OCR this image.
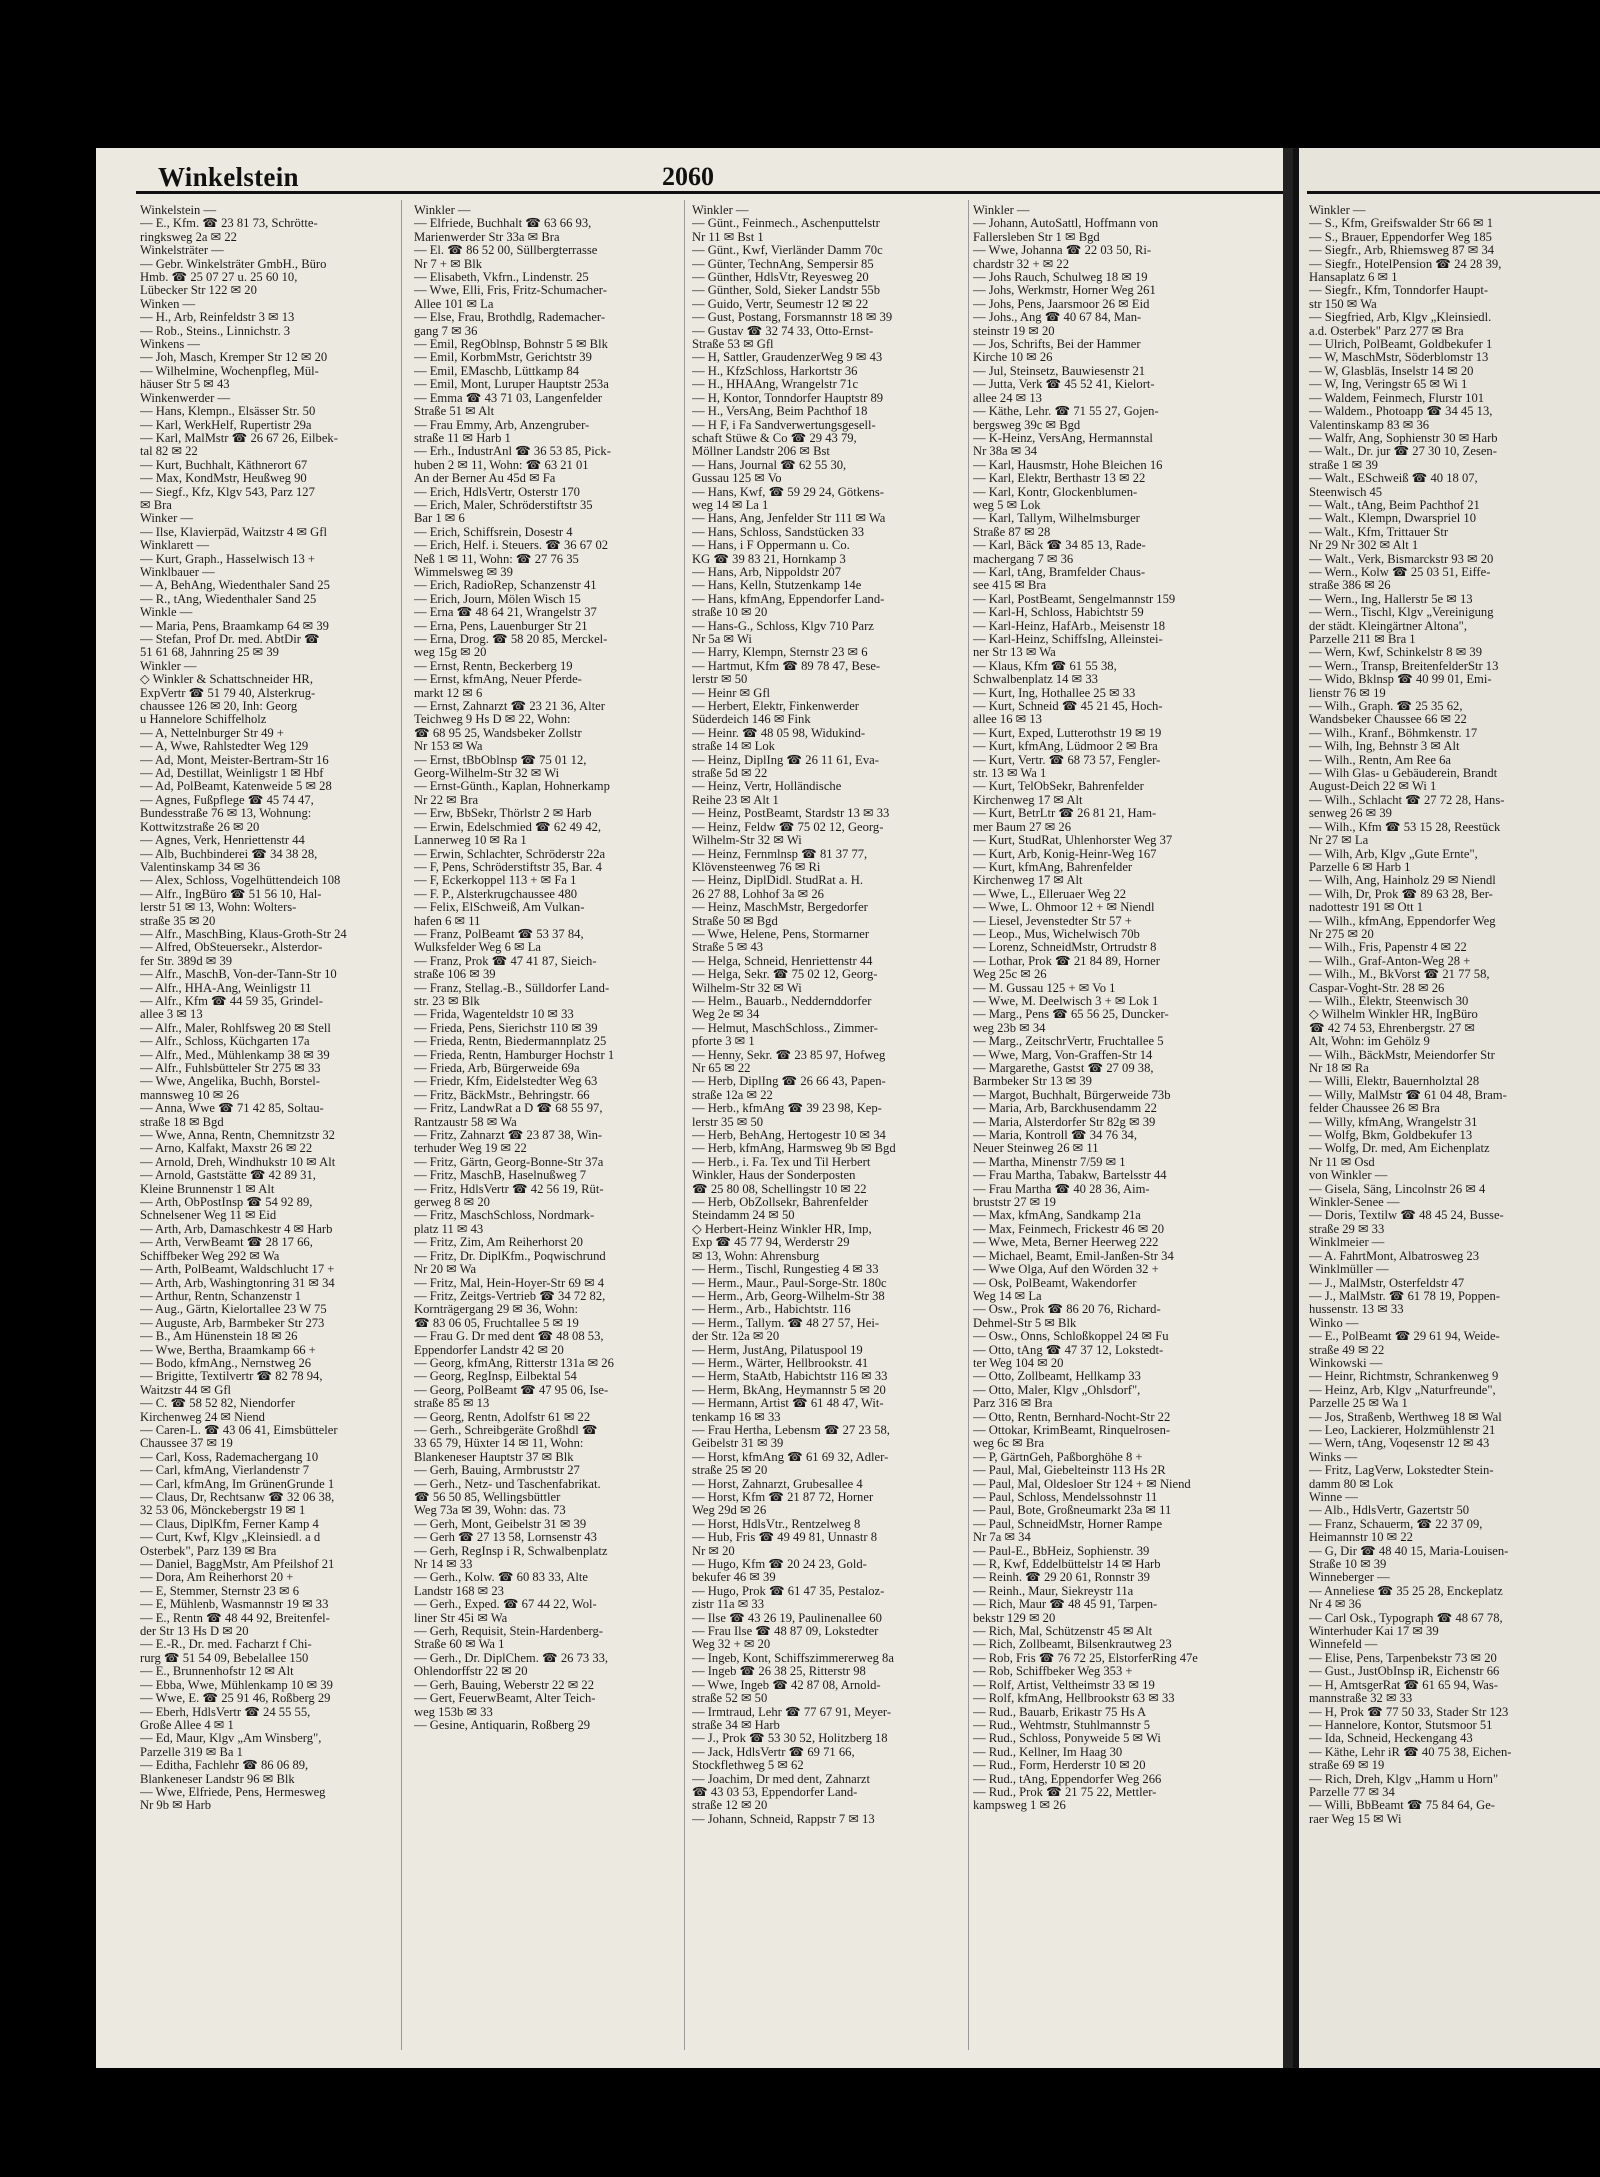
Winkelstein	2060

Winkelstein —

— E., Kfm. ☎ 23 81 73, Schrötte-

ringksweg 2a ✉ 22

Winkelsträter —

— Gebr. Winkelsträter GmbH., Büro

Hmb. ☎ 25 07 27 u. 25 60 10,

Lübecker Str 122 ✉ 20

Winken —

— H., Arb, Reinfeldstr 3 ✉ 13

— Rob., Steins., Linnichstr. 3

Winkens —

— Joh, Masch, Kremper Str 12 ✉ 20

— Wilhelmine, Wochenpfleg, Mül-

häuser Str 5 ✉ 43

Winkenwerder —

— Hans, Klempn., Elsässer Str. 50

— Karl, WerkHelf, Rupertistr 29a

— Karl, MalMstr ☎ 26 67 26, Eilbek-

tal 82 ✉ 22

— Kurt, Buchhalt, Käthnerort 67

— Max, KondMstr, Heußweg 90

— Siegf., Kfz, Klgv 543, Parz 127

✉ Bra

Winker —

— Ilse, Klavierpäd, Waitzstr 4 ✉ Gfl

Winklarett —

— Kurt, Graph., Hasselwisch 13 +

Winklbauer —

— A, BehAng, Wiedenthaler Sand 25

— R., tAng, Wiedenthaler Sand 25

Winkle —

— Maria, Pens, Braamkamp 64 ✉ 39

— Stefan, Prof Dr. med. AbtDir ☎

51 61 68, Jahnring 25 ✉ 39

Winkler —

◇ Winkler & Schattschneider HR,

ExpVertr ☎ 51 79 40, Alsterkrug-

chaussee 126 ✉ 20, Inh: Georg

u Hannelore Schiffelholz

— A, Nettelnburger Str 49 +

— A, Wwe, Rahlstedter Weg 129

— Ad, Mont, Meister-Bertram-Str 16

— Ad, Destillat, Weinligstr 1 ✉ Hbf

— Ad, PolBeamt, Katenweide 5 ✉ 28

— Agnes, Fußpflege ☎ 45 74 47,

Bundesstraße 76 ✉ 13, Wohnung:

Kottwitzstraße 26 ✉ 20

— Agnes, Verk, Henriettenstr 44

— Alb, Buchbinderei ☎ 34 38 28,

Valentinskamp 34 ✉ 36

— Alex, Schloss, Vogelhüttendeich 108

— Alfr., IngBüro ☎ 51 56 10, Hal-

lerstr 51 ✉ 13, Wohn: Wolters-

straße 35 ✉ 20

— Alfr., MaschBing, Klaus-Groth-Str 24

— Alfred, ObSteuersekr., Alsterdor-

fer Str. 389d ✉ 39

— Alfr., MaschB, Von-der-Tann-Str 10

— Alfr., HHA-Ang, Weinligstr 11

— Alfr., Kfm ☎ 44 59 35, Grindel-

allee 3 ✉ 13

— Alfr., Maler, Rohlfsweg 20 ✉ Stell

— Alfr., Schloss, Küchgarten 17a

— Alfr., Med., Mühlenkamp 38 ✉ 39

— Alfr., Fuhlsbütteler Str 275 ✉ 33

— Wwe, Angelika, Buchh, Borstel-

mannsweg 10 ✉ 26

— Anna, Wwe ☎ 71 42 85, Soltau-

straße 18 ✉ Bgd

— Wwe, Anna, Rentn, Chemnitzstr 32

— Arno, Kalfakt, Maxstr 26 ✉ 22

— Arnold, Dreh, Windhukstr 10 ✉ Alt

— Arnold, Gaststätte ☎ 42 89 31,

Kleine Brunnenstr 1 ✉ Alt

— Arth, ObPostInsp ☎ 54 92 89,

Schnelsener Weg 11 ✉ Eid

— Arth, Arb, Damaschkestr 4 ✉ Harb

— Arth, VerwBeamt ☎ 28 17 66,

Schiffbeker Weg 292 ✉ Wa

— Arth, PolBeamt, Waldschlucht 17 +

— Arth, Arb, Washingtonring 31 ✉ 34

— Arthur, Rentn, Schanzenstr 1

— Aug., Gärtn, Kielortallee 23 W 75

— Auguste, Arb, Barmbeker Str 273

— B., Am Hünenstein 18 ✉ 26

— Wwe, Bertha, Braamkamp 66 +

— Bodo, kfmAng., Nernstweg 26

— Brigitte, Textilvertr ☎ 82 78 94,

Waitzstr 44 ✉ Gfl

— C. ☎ 58 52 82, Niendorfer

Kirchenweg 24 ✉ Niend

— Caren-L. ☎ 43 06 41, Eimsbütteler

Chaussee 37 ✉ 19

— Carl, Koss, Rademachergang 10

— Carl, kfmAng, Vierlandenstr 7

— Carl, kfmAng, Im GrünenGrunde 1

— Claus, Dr, Rechtsanw ☎ 32 06 38,

32 53 06, Mönckebergstr 19 ✉ 1

— Claus, DiplKfm, Ferner Kamp 4

— Curt, Kwf, Klgv „Kleinsiedl. a d

Osterbek", Parz 139 ✉ Bra

— Daniel, BaggMstr, Am Pfeilshof 21

— Dora, Am Reiherhorst 20 +

— E, Stemmer, Sternstr 23 ✉ 6

— E, Mühlenb, Wasmannstr 19 ✉ 33

— E., Rentn ☎ 48 44 92, Breitenfel-

der Str 13 Hs D ✉ 20

— E.-R., Dr. med. Facharzt f Chi-

rurg ☎ 51 54 09, Bebelallee 150

— E., Brunnenhofstr 12 ✉ Alt

— Ebba, Wwe, Mühlenkamp 10 ✉ 39

— Wwe, E. ☎ 25 91 46, Roßberg 29

— Eberh, HdlsVertr ☎ 24 55 55,

Große Allee 4 ✉ 1

— Ed, Maur, Klgv „Am Winsberg",

Parzelle 319 ✉ Ba 1

— Editha, Fachlehr ☎ 86 06 89,

Blankeneser Landstr 96 ✉ Blk

— Wwe, Elfriede, Pens, Hermesweg

Nr 9b ✉ Harb

Winkler —

— Elfriede, Buchhalt ☎ 63 66 93,

Marienwerder Str 33a ✉ Bra

— El. ☎ 86 52 00, Süllbergterrasse

Nr 7 + ✉ Blk

— Elisabeth, Vkfrn., Lindenstr. 25

— Wwe, Elli, Fris, Fritz-Schumacher-

Allee 101 ✉ La

— Else, Frau, Brothdlg, Rademacher-

gang 7 ✉ 36

— Emil, RegOblnsp, Bohnstr 5 ✉ Blk

— Emil, KorbmMstr, Gerichtstr 39

— Emil, EMaschb, Lüttkamp 84

— Emil, Mont, Luruper Hauptstr 253a

— Emma ☎ 43 71 03, Langenfelder

Straße 51 ✉ Alt

— Frau Emmy, Arb, Anzengruber-

straße 11 ✉ Harb 1

— Erh., IndustrAnl ☎ 36 53 85, Pick-

huben 2 ✉ 11, Wohn: ☎ 63 21 01

An der Berner Au 45d ✉ Fa

— Erich, HdlsVertr, Osterstr 170

— Erich, Maler, Schröderstiftstr 35

Bar 1 ✉ 6

— Erich, Schiffsrein, Dosestr 4

— Erich, Helf. i. Steuers. ☎ 36 67 02

Neß 1 ✉ 11, Wohn: ☎ 27 76 35

Wimmelsweg ✉ 39

— Erich, RadioRep, Schanzenstr 41

— Erich, Journ, Mölen Wisch 15

— Erna ☎ 48 64 21, Wrangelstr 37

— Erna, Pens, Lauenburger Str 21

— Erna, Drog. ☎ 58 20 85, Merckel-

weg 15g ✉ 20

— Ernst, Rentn, Beckerberg 19

— Ernst, kfmAng, Neuer Pferde-

markt 12 ✉ 6

— Ernst, Zahnarzt ☎ 23 21 36, Alter

Teichweg 9 Hs D ✉ 22, Wohn:

☎ 68 95 25, Wandsbeker Zollstr

Nr 153 ✉ Wa

— Ernst, tBbOblnsp ☎ 75 01 12,

Georg-Wilhelm-Str 32 ✉ Wi

— Ernst-Günth., Kaplan, Hohnerkamp

Nr 22 ✉ Bra

— Erw, BbSekr, Thörlstr 2 ✉ Harb

— Erwin, Edelschmied ☎ 62 49 42,

Lannerweg 10 ✉ Ra 1

— Erwin, Schlachter, Schröderstr 22a

— F, Pens, Schröderstiftstr 35, Bar. 4

— F, Eckerkoppel 113 + ✉ Fa 1

— F. P., Alsterkrugchaussee 480

— Felix, ElSchweiß, Am Vulkan-

hafen 6 ✉ 11

— Franz, PolBeamt ☎ 53 37 84,

Wulksfelder Weg 6 ✉ La

— Franz, Prok ☎ 47 41 87, Sieich-

straße 106 ✉ 39

— Franz, Stellag.-B., Sülldorfer Land-

str. 23 ✉ Blk

— Frida, Wagenteldstr 10 ✉ 33

— Frieda, Pens, Sierichstr 110 ✉ 39

— Frieda, Rentn, Biedermannplatz 25

— Frieda, Rentn, Hamburger Hochstr 1

— Frieda, Arb, Bürgerweide 69a

— Friedr, Kfm, Eidelstedter Weg 63

— Fritz, BäckMstr., Behringstr. 66

— Fritz, LandwRat a D ☎ 68 55 97,

Rantzaustr 58 ✉ Wa

— Fritz, Zahnarzt ☎ 23 87 38, Win-

terhuder Weg 19 ✉ 22

— Fritz, Gärtn, Georg-Bonne-Str 37a

— Fritz, MaschB, Haselnußweg 7

— Fritz, HdlsVertr ☎ 42 56 19, Rüt-

gerweg 8 ✉ 20

— Fritz, MaschSchloss, Nordmark-

platz 11 ✉ 43

— Fritz, Zim, Am Reiherhorst 20

— Fritz, Dr. DiplKfm., Poqwischrund

Nr 20 ✉ Wa

— Fritz, Mal, Hein-Hoyer-Str 69 ✉ 4

— Fritz, Zeitgs-Vertrieb ☎ 34 72 82,

Kornträgergang 29 ✉ 36, Wohn:

☎ 83 06 05, Fruchtallee 5 ✉ 19

— Frau G. Dr med dent ☎ 48 08 53,

Eppendorfer Landstr 42 ✉ 20

— Georg, kfmAng, Ritterstr 131a ✉ 26

— Georg, RegInsp, Eilbektal 54

— Georg, PolBeamt ☎ 47 95 06, Ise-

straße 85 ✉ 13

— Georg, Rentn, Adolfstr 61 ✉ 22

— Gerh., Schreibgeräte Großhdl ☎

33 65 79, Hüxter 14 ✉ 11, Wohn:

Blankeneser Hauptstr 37 ✉ Blk

— Gerh, Bauing, Armbruststr 27

— Gerh., Netz- und Taschenfabrikat.

☎ 56 50 85, Wellingsbüttler

Weg 73a ✉ 39, Wohn: das. 73

— Gerh, Mont, Geibelstr 31 ✉ 39

— Gerh ☎ 27 13 58, Lornsenstr 43

— Gerh, RegInsp i R, Schwalbenplatz

Nr 14 ✉ 33

— Gerh., Kolw. ☎ 60 83 33, Alte

Landstr 168 ✉ 23

— Gerh., Exped. ☎ 67 44 22, Wol-

liner Str 45i ✉ Wa

— Gerh, Requisit, Stein-Hardenberg-

Straße 60 ✉ Wa 1

— Gerh., Dr. DiplChem. ☎ 26 73 33,

Ohlendorffstr 22 ✉ 20

— Gerh, Bauing, Weberstr 22 ✉ 22

— Gert, FeuerwBeamt, Alter Teich-

weg 153b ✉ 33

— Gesine, Antiquarin, Roßberg 29

Winkler —

— Günt., Feinmech., Aschenputtelstr

Nr 11 ✉ Bst 1

— Günt., Kwf, Vierländer Damm 70c

— Günter, TechnAng, Sempersir 85

— Günther, HdlsVtr, Reyesweg 20

— Günther, Sold, Sieker Landstr 55b

— Guido, Vertr, Seumestr 12 ✉ 22

— Gust, Postang, Forsmannstr 18 ✉ 39

— Gustav ☎ 32 74 33, Otto-Ernst-

Straße 53 ✉ Gfl

— H, Sattler, GraudenzerWeg 9 ✉ 43

— H., KfzSchloss, Harkortstr 36

— H., HHAAng, Wrangelstr 71c

— H, Kontor, Tonndorfer Hauptstr 89

— H., VersAng, Beim Pachthof 18

— H F, i Fa Sandverwertungsgesell-

schaft Stüwe & Co ☎ 29 43 79,

Möllner Landstr 206 ✉ Bst

— Hans, Journal ☎ 62 55 30,

Gussau 125 ✉ Vo

— Hans, Kwf, ☎ 59 29 24, Götkens-

weg 14 ✉ La 1

— Hans, Ang, Jenfelder Str 111 ✉ Wa

— Hans, Schloss, Sandstücken 33

— Hans, i F Oppermann u. Co.

KG ☎ 39 83 21, Hornkamp 3

— Hans, Arb, Nippoldstr 207

— Hans, Kelln, Stutzenkamp 14e

— Hans, kfmAng, Eppendorfer Land-

straße 10 ✉ 20

— Hans-G., Schloss, Klgv 710 Parz

Nr 5a ✉ Wi

— Harry, Klempn, Sternstr 23 ✉ 6

— Hartmut, Kfm ☎ 89 78 47, Bese-

lerstr ✉ 50

— Heinr ✉ Gfl

— Herbert, Elektr, Finkenwerder

Süderdeich 146 ✉ Fink

— Heinr. ☎ 48 05 98, Widukind-

straße 14 ✉ Lok

— Heinz, DiplIng ☎ 26 11 61, Eva-

straße 5d ✉ 22

— Heinz, Vertr, Holländische

Reihe 23 ✉ Alt 1

— Heinz, PostBeamt, Stardstr 13 ✉ 33

— Heinz, Feldw ☎ 75 02 12, Georg-

Wilhelm-Str 32 ✉ Wi

— Heinz, Fernmlnsp ☎ 81 37 77,

Klövensteenweg 76 ✉ Ri

— Heinz, DiplDidl. StudRat a. H.

26 27 88, Lohhof 3a ✉ 26

— Heinz, MaschMstr, Bergedorfer

Straße 50 ✉ Bgd

— Wwe, Helene, Pens, Stormarner

Straße 5 ✉ 43

— Helga, Schneid, Henriettenstr 44

— Helga, Sekr. ☎ 75 02 12, Georg-

Wilhelm-Str 32 ✉ Wi

— Helm., Bauarb., Neddernddorfer

Weg 2e ✉ 34

— Helmut, MaschSchloss., Zimmer-

pforte 3 ✉ 1

— Henny, Sekr. ☎ 23 85 97, Hofweg

Nr 65 ✉ 22

— Herb, DiplIng ☎ 26 66 43, Papen-

straße 12a ✉ 22

— Herb., kfmAng ☎ 39 23 98, Kep-

lerstr 35 ✉ 50

— Herb, BehAng, Hertogestr 10 ✉ 34

— Herb, kfmAng, Harmsweg 9b ✉ Bgd

— Herb., i. Fa. Tex und Til Herbert

Winkler, Haus der Sonderposten

☎ 25 80 08, Schellingstr 10 ✉ 22

— Herb, ObZollsekr, Bahrenfelder

Steindamm 24 ✉ 50

◇ Herbert-Heinz Winkler HR, Imp,

Exp ☎ 45 77 94, Werderstr 29

✉ 13, Wohn: Ahrensburg

— Herm., Tischl, Rungestieg 4 ✉ 33

— Herm., Maur., Paul-Sorge-Str. 180c

— Herm., Arb, Georg-Wilhelm-Str 38

— Herm., Arb., Habichtstr. 116

— Herm., Tallym. ☎ 48 27 57, Hei-

der Str. 12a ✉ 20

— Herm, JustAng, Pilatuspool 19

— Herm., Wärter, Hellbrookstr. 41

— Herm, StaAtb, Habichtstr 116 ✉ 33

— Herm, BkAng, Heymannstr 5 ✉ 20

— Hermann, Artist ☎ 61 48 47, Wit-

tenkamp 16 ✉ 33

— Frau Hertha, Lebensm ☎ 27 23 58,

Geibelstr 31 ✉ 39

— Horst, kfmAng ☎ 61 69 32, Adler-

straße 25 ✉ 20

— Horst, Zahnarzt, Grubesallee 4

— Horst, Kfm ☎ 21 87 72, Horner

Weg 29d ✉ 26

— Horst, HdlsVtr., Rentzelweg 8

— Hub, Fris ☎ 49 49 81, Unnastr 8

Nr ✉ 20

— Hugo, Kfm ☎ 20 24 23, Gold-

bekufer 46 ✉ 39

— Hugo, Prok ☎ 61 47 35, Pestaloz-

zistr 11a ✉ 33

— Ilse ☎ 43 26 19, Paulinenallee 60

— Frau Ilse ☎ 48 87 09, Lokstedter

Weg 32 + ✉ 20

— Ingeb, Kont, Schiffszimmererweg 8a

— Ingeb ☎ 26 38 25, Ritterstr 98

— Wwe, Ingeb ☎ 42 87 08, Arnold-

straße 52 ✉ 50

— Irmtraud, Lehr ☎ 77 67 91, Meyer-

straße 34 ✉ Harb

— J., Prok ☎ 53 30 52, Holitzberg 18

— Jack, HdlsVertr ☎ 69 71 66,

Stockflethweg 5 ✉ 62

— Joachim, Dr med dent, Zahnarzt

☎ 43 03 53, Eppendorfer Land-

straße 12 ✉ 20

— Johann, Schneid, Rappstr 7 ✉ 13

Winkler —

— Johann, AutoSattl, Hoffmann von

Fallersleben Str 1 ✉ Bgd

— Wwe, Johanna ☎ 22 03 50, Ri-

chardstr 32 + ✉ 22

— Johs Rauch, Schulweg 18 ✉ 19

— Johs, Werkmstr, Horner Weg 261

— Johs, Pens, Jaarsmoor 26 ✉ Eid

— Johs., Ang ☎ 40 67 84, Man-

steinstr 19 ✉ 20

— Jos, Schrifts, Bei der Hammer

Kirche 10 ✉ 26

— Jul, Steinsetz, Bauwiesenstr 21

— Jutta, Verk ☎ 45 52 41, Kielort-

allee 24 ✉ 13

— Käthe, Lehr. ☎ 71 55 27, Gojen-

bergsweg 39c ✉ Bgd

— K-Heinz, VersAng, Hermannstal

Nr 38a ✉ 34

— Karl, Hausmstr, Hohe Bleichen 16

— Karl, Elektr, Berthastr 13 ✉ 22

— Karl, Kontr, Glockenblumen-

weg 5 ✉ Lok

— Karl, Tallym, Wilhelmsburger

Straße 87 ✉ 28

— Karl, Bäck ☎ 34 85 13, Rade-

machergang 7 ✉ 36

— Karl, tAng, Bramfelder Chaus-

see 415 ✉ Bra

— Karl, PostBeamt, Sengelmannstr 159

— Karl-H, Schloss, Habichtstr 59

— Karl-Heinz, HafArb., Meisenstr 18

— Karl-Heinz, SchiffsIng, Alleinstei-

ner Str 13 ✉ Wa

— Klaus, Kfm ☎ 61 55 38,

Schwalbenplatz 14 ✉ 33

— Kurt, Ing, Hothallee 25 ✉ 33

— Kurt, Schneid ☎ 45 21 45, Hoch-

allee 16 ✉ 13

— Kurt, Exped, Lutterothstr 19 ✉ 19

— Kurt, kfmAng, Lüdmoor 2 ✉ Bra

— Kurt, Vertr. ☎ 68 73 57, Fengler-

str. 13 ✉ Wa 1

— Kurt, TelObSekr, Bahrenfelder

Kirchenweg 17 ✉ Alt

— Kurt, BetrLtr ☎ 26 81 21, Ham-

mer Baum 27 ✉ 26

— Kurt, StudRat, Uhlenhorster Weg 37

— Kurt, Arb, Konig-Heinr-Weg 167

— Kurt, kfmAng, Bahrenfelder

Kirchenweg 17 ✉ Alt

— Wwe, L., Elleruaer Weg 22

— Wwe, L. Ohmoor 12 + ✉ Niendl

— Liesel, Jevenstedter Str 57 +

— Leop., Mus, Wichelwisch 70b

— Lorenz, SchneidMstr, Ortrudstr 8

— Lothar, Prok ☎ 21 84 89, Horner

Weg 25c ✉ 26

— M. Gussau 125 + ✉ Vo 1

— Wwe, M. Deelwisch 3 + ✉ Lok 1

— Marg., Pens ☎ 65 56 25, Duncker-

weg 23b ✉ 34

— Marg., ZeitschrVertr, Fruchtallee 5

— Wwe, Marg, Von-Graffen-Str 14

— Margarethe, Gastst ☎ 27 09 38,

Barmbeker Str 13 ✉ 39

— Margot, Buchhalt, Bürgerweide 73b

— Maria, Arb, Barckhusendamm 22

— Maria, Alsterdorfer Str 82g ✉ 39

— Maria, Kontroll ☎ 34 76 34,

Neuer Steinweg 26 ✉ 11

— Martha, Minenstr 7/59 ✉ 1

— Frau Martha, Tabakw, Bartelsstr 44

— Frau Martha ☎ 40 28 36, Aim-

bruststr 27 ✉ 19

— Max, kfmAng, Sandkamp 21a

— Max, Feinmech, Frickestr 46 ✉ 20

— Wwe, Meta, Berner Heerweg 222

— Michael, Beamt, Emil-Janßen-Str 34

— Wwe Olga, Auf den Wörden 32 +

— Osk, PolBeamt, Wakendorfer

Weg 14 ✉ La

— Osw., Prok ☎ 86 20 76, Richard-

Dehmel-Str 5 ✉ Blk

— Osw., Onns, Schloßkoppel 24 ✉ Fu

— Otto, tAng ☎ 47 37 12, Lokstedt-

ter Weg 104 ✉ 20

— Otto, Zollbeamt, Hellkamp 33

— Otto, Maler, Klgv „Ohlsdorf",

Parz 316 ✉ Bra

— Otto, Rentn, Bernhard-Nocht-Str 22

— Ottokar, KrimBeamt, Rinquelrosen-

weg 6c ✉ Bra

— P, GärtnGeh, Paßborghöhe 8 +

— Paul, Mal, Giebelteinstr 113 Hs 2R

— Paul, Mal, Oldesloer Str 124 + ✉ Niend

— Paul, Schloss, Mendelssohnstr 11

— Paul, Bote, Großneumarkt 23a ✉ 11

— Paul, SchneidMstr, Horner Rampe

Nr 7a ✉ 34

— Paul-E., BbHeiz, Sophienstr. 39

— R, Kwf, Eddelbüttelstr 14 ✉ Harb

— Reinh. ☎ 29 20 61, Ronnstr 39

— Reinh., Maur, Siekreystr 11a

— Rich, Maur ☎ 48 45 91, Tarpen-

bekstr 129 ✉ 20

— Rich, Mal, Schützenstr 45 ✉ Alt

— Rich, Zollbeamt, Bilsenkrautweg 23

— Rob, Fris ☎ 76 72 25, ElstorferRing 47e

— Rob, Schiffbeker Weg 353 +

— Rolf, Artist, Veltheimstr 33 ✉ 19

— Rolf, kfmAng, Hellbrookstr 63 ✉ 33

— Rud., Bauarb, Erikastr 75 Hs A

— Rud., Wehtmstr, Stuhlmannstr 5

— Rud., Schloss, Ponyweide 5 ✉ Wi

— Rud., Kellner, Im Haag 30

— Rud., Form, Herderstr 10 ✉ 20

— Rud., tAng, Eppendorfer Weg 266

— Rud., Prok ☎ 21 75 22, Mettler-

kampsweg 1 ✉ 26

Winkler —

— S., Kfm, Greifswalder Str 66 ✉ 1

— S., Brauer, Eppendorfer Weg 185

— Siegfr., Arb, Rhiemsweg 87 ✉ 34

— Siegfr., HotelPension ☎ 24 28 39,

Hansaplatz 6 ✉ 1

— Siegfr., Kfm, Tonndorfer Haupt-

str 150 ✉ Wa

— Siegfried, Arb, Klgv „Kleinsiedl.

a.d. Osterbek" Parz 277 ✉ Bra

— Ulrich, PolBeamt, Goldbekufer 1

— W, MaschMstr, Söderblomstr 13

— W, Glasbläs, Inselstr 14 ✉ 20

— W, Ing, Veringstr 65 ✉ Wi 1

— Waldem, Feinmech, Flurstr 101

— Waldem., Photoapp ☎ 34 45 13,

Valentinskamp 83 ✉ 36

— Walfr, Ang, Sophienstr 30 ✉ Harb

— Walt., Dr. jur ☎ 27 30 10, Zesen-

straße 1 ✉ 39

— Walt., ESchweiß ☎ 40 18 07,

Steenwisch 45

— Walt., tAng, Beim Pachthof 21

— Walt., Klempn, Dwarspriel 10

— Walt., Kfm, Trittauer Str

Nr 29 Nr 302 ✉ Alt 1

— Walt., Verk, Bismarckstr 93 ✉ 20

— Wern., Kolw ☎ 25 03 51, Eiffe-

straße 386 ✉ 26

— Wern., Ing, Hallerstr 5e ✉ 13

— Wern., Tischl, Klgv „Vereinigung

der städt. Kleingärtner Altona",

Parzelle 211 ✉ Bra 1

— Wern, Kwf, Schinkelstr 8 ✉ 39

— Wern., Transp, BreitenfelderStr 13

— Wido, Bklnsp ☎ 40 99 01, Emi-

lienstr 76 ✉ 19

— Wilh., Graph. ☎ 25 35 62,

Wandsbeker Chaussee 66 ✉ 22

— Wilh., Kranf., Böhmkenstr. 17

— Wilh, Ing, Behnstr 3 ✉ Alt

— Wilh., Rentn, Am Ree 6a

— Wilh Glas- u Gebäuderein, Brandt

August-Deich 22 ✉ Wi 1

— Wilh., Schlacht ☎ 27 72 28, Hans-

senweg 26 ✉ 39

— Wilh., Kfm ☎ 53 15 28, Reestück

Nr 27 ✉ La

— Wilh, Arb, Klgv „Gute Ernte",

Parzelle 6 ✉ Harb 1

— Wilh, Ang, Hainholz 29 ✉ Niendl

— Wilh, Dr, Prok ☎ 89 63 28, Ber-

nadottestr 191 ✉ Ott 1

— Wilh., kfmAng, Eppendorfer Weg

Nr 275 ✉ 20

— Wilh., Fris, Papenstr 4 ✉ 22

— Wilh., Graf-Anton-Weg 28 +

— Wilh., M., BkVorst ☎ 21 77 58,

Caspar-Voght-Str. 28 ✉ 26

— Wilh., Elektr, Steenwisch 30

◇ Wilhelm Winkler HR, IngBüro

☎ 42 74 53, Ehrenbergstr. 27 ✉

Alt, Wohn: im Gehölz 9

— Wilh., BäckMstr, Meiendorfer Str

Nr 18 ✉ Ra

— Willi, Elektr, Bauernholztal 28

— Willy, MalMstr ☎ 61 04 48, Bram-

felder Chaussee 26 ✉ Bra

— Willy, kfmAng, Wrangelstr 31

— Wolfg, Bkm, Goldbekufer 13

— Wolfg, Dr. med, Am Eichenplatz

Nr 11 ✉ Osd

von Winkler —

— Gisela, Säng, Lincolnstr 26 ✉ 4

Winkler-Senee —

— Doris, Textilw ☎ 48 45 24, Busse-

straße 29 ✉ 33

Winklmeier —

— A. FahrtMont, Albatrosweg 23

Winklmüller —

— J., MalMstr, Osterfeldstr 47

— J., MalMstr. ☎ 61 78 19, Poppen-

hussenstr. 13 ✉ 33

Winko —

— E., PolBeamt ☎ 29 61 94, Weide-

straße 49 ✉ 22

Winkowski —

— Heinr, Richtmstr, Schrankenweg 9

— Heinz, Arb, Klgv „Naturfreunde",

Parzelle 25 ✉ Wa 1

— Jos, Straßenb, Werthweg 18 ✉ Wal

— Leo, Lackierer, Holzmühlenstr 21

— Wern, tAng, Voqesenstr 12 ✉ 43

Winks —

— Fritz, LagVerw, Lokstedter Stein-

damm 80 ✉ Lok

Winne —

— Alb., HdlsVertr, Gazertstr 50

— Franz, Schauerm, ☎ 22 37 09,

Heimannstr 10 ✉ 22

— G, Dir ☎ 48 40 15, Maria-Louisen-

Straße 10 ✉ 39

Winneberger —

— Anneliese ☎ 35 25 28, Enckeplatz

Nr 4 ✉ 36

— Carl Osk., Typograph ☎ 48 67 78,

Winterhuder Kai 17 ✉ 39

Winnefeld —

— Elise, Pens, Tarpenbekstr 73 ✉ 20

— Gust., JustObInsp iR, Eichenstr 66

— H, AmtsgerRat ☎ 61 65 94, Was-

mannstraße 32 ✉ 33

— H, Prok ☎ 77 50 33, Stader Str 123

— Hannelore, Kontor, Stutsmoor 51

— Ida, Schneid, Heckengang 43

— Käthe, Lehr iR ☎ 40 75 38, Eichen-

straße 69 ✉ 19

— Rich, Dreh, Klgv „Hamm u Horn"

Parzelle 77 ✉ 34

— Willi, BbBeamt ☎ 75 84 64, Ge-

raer Weg 15 ✉ Wi
